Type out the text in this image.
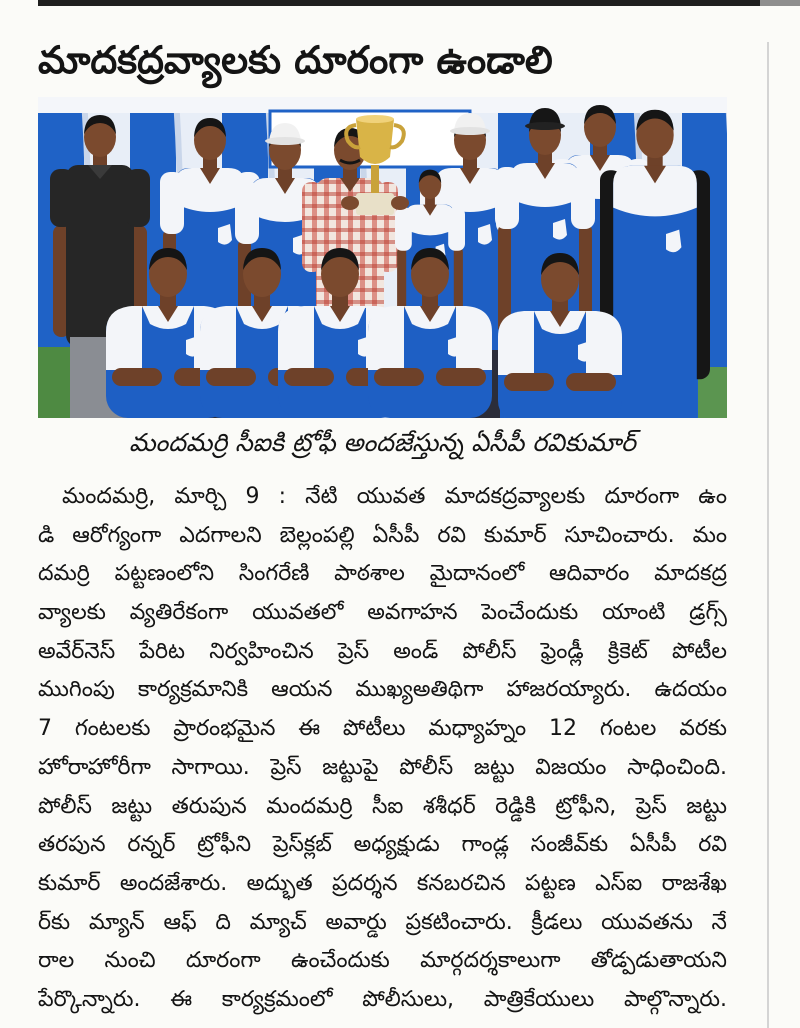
మాదకద్రవ్యాలకు దూరంగా ఉండాలి
మందమర్రి సీఐకి ట్రోఫీ అందజేస్తున్న ఏసీపీ రవికుమార్
మందమర్రి, మార్చి 9 : నేటి యువత మాదకద్రవ్యాలకు దూరంగా ఉం
డి ఆరోగ్యంగా ఎదగాలని బెల్లంపల్లి ఏసీపీ రవి కుమార్ సూచించారు. మం
దమర్రి పట్టణంలోని సింగరేణి పాఠశాల మైదానంలో ఆదివారం మాదకద్ర
వ్యాలకు వ్యతిరేకంగా యువతలో అవగాహన పెంచేందుకు యాంటి డ్రగ్స్
అవేర్‌నెస్ పేరిట నిర్వహించిన ప్రెస్ అండ్ పోలీస్ ఫ్రెండ్లీ క్రికెట్ పోటీల
ముగింపు కార్యక్రమానికి ఆయన ముఖ్యఅతిథిగా హాజరయ్యారు. ఉదయం
7 గంటలకు ప్రారంభమైన ఈ పోటీలు మధ్యాహ్నం 12 గంటల వరకు
హోరాహోరీగా సాగాయి. ప్రెస్ జట్టుపై పోలీస్ జట్టు విజయం సాధించింది.
పోలీస్ జట్టు తరుపున మందమర్రి సీఐ శశీధర్ రెడ్డికి ట్రోఫీని, ప్రెస్ జట్టు
తరపున రన్నర్ ట్రోఫీని ప్రెస్‌క్లబ్ అధ్యక్షుడు గాండ్ల సంజీవ్‌కు ఏసీపీ రవి
కుమార్ అందజేశారు. అద్భుత ప్రదర్శన కనబరచిన పట్టణ ఎస్ఐ రాజశేఖ
ర్‌కు మ్యాన్ ఆఫ్ ది మ్యాచ్ అవార్డు ప్రకటించారు. క్రీడలు యువతను నే
రాల నుంచి దూరంగా ఉంచేందుకు మార్గదర్శకాలుగా తోడ్పడుతాయని
పేర్కొన్నారు. ఈ కార్యక్రమంలో పోలీసులు, పాత్రికేయులు పాల్గొన్నారు.
